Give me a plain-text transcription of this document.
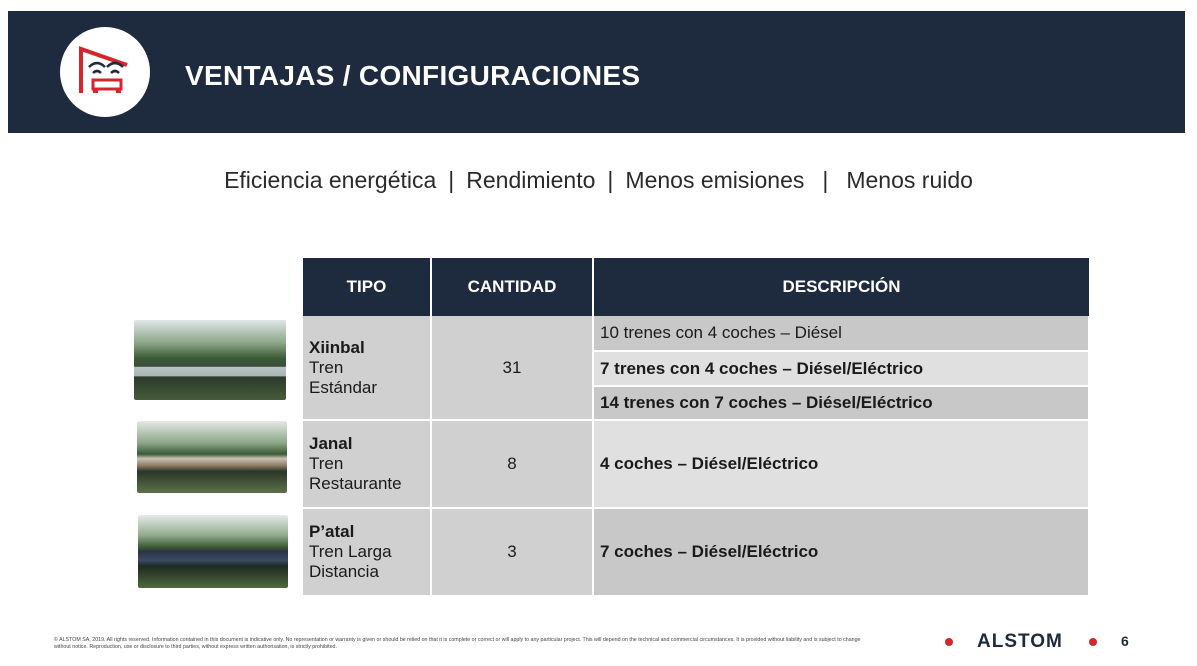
VENTAJAS / CONFIGURACIONES
Eficiencia energética | Rendimiento | Menos emisiones | Menos ruido
TIPO	CANTIDAD	DESCRIPCIÓN

Xiinbal
Tren
Estándar	31	10 trenes con 4 coches – Diésel
		7 trenes con 4 coches – Diésel/Eléctrico
		14 trenes con 7 coches – Diésel/Eléctrico

Janal
Tren
Restaurante	8	4 coches – Diésel/Eléctrico

P’atal
Tren Larga
Distancia	3	7 coches – Diésel/Eléctrico
© ALSTOM SA, 2019. All rights reserved. Information contained in this document is indicative only. No representation or warranty is given or should be relied on that it is complete or correct or will apply to any particular project. This will depend on the technical and commercial circumstances. It is provided without liability and is subject to change without notice. Reproduction, use or disclosure to third parties, without express written authorisation, is strictly prohibited.	ALSTOM	6
